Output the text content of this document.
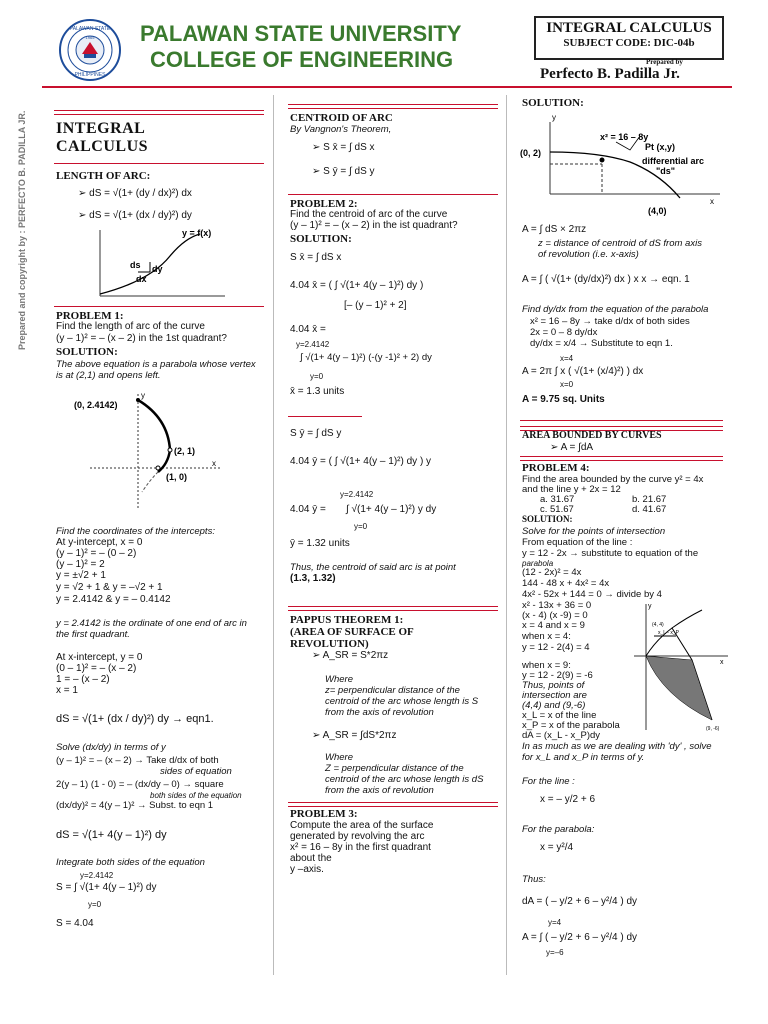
PALAWAN STATE
PHILIPPINES
1965 PALAWAN STATE UNIVERSITY
COLLEGE OF ENGINEERING
INTEGRAL CALCULUS
SUBJECT CODE: DIC-04b
Prepared by
Perfecto B. Padilla Jr.
Prepared and copyright by : PERFECTO B. PADILLA JR. INTEGRAL
CALCULUS
LENGTH OF ARC:
➢ dS = √(1+ (dy / dx)²) dx
➢ dS = √(1+ (dx / dy)²) dy
y = f(x)
ds dy
dx
PROBLEM 1:
Find the length of arc of the curve
(y – 1)² = – (x – 2) in the 1st quadrant?
SOLUTION:
The above equation is a parabola whose vertex
is at (2,1) and opens left.
(0, 2.4142)
(2, 1)
(1, 0)
x
y
Find the coordinates of the intercepts:
At y-intercept, x = 0
(y – 1)² = – (0 – 2)
(y – 1)² = 2
y = ±√2 + 1
y = √2 + 1 & y = –√2 + 1
y = 2.4142 & y = – 0.4142
y = 2.4142 is the ordinate of one end of arc in
the first quadrant.
At x-intercept, y = 0
(0 – 1)² = – (x – 2)
1 = – (x – 2)
x = 1
dS = √(1+ (dx / dy)²) dy → eqn1.
Solve (dx/dy) in terms of y
(y – 1)² = – (x – 2) → Take d/dx of both
sides of equation
2(y – 1) (1 - 0) = – (dx/dy – 0) → square
both sides of the equation
(dx/dy)² = 4(y – 1)² → Subst. to eqn 1
dS = √(1+ 4(y – 1)²) dy
Integrate both sides of the equation
y=2.4142
S = ∫ √(1+ 4(y – 1)²) dy
y=0
S = 4.04
CENTROID OF ARC
By Vangnon's Theorem,
➢ S x̄ = ∫ dS x
➢ S ȳ = ∫ dS y
PROBLEM 2:
Find the centroid of arc of the curve
(y – 1)² = – (x – 2) in the ist quadrant?
SOLUTION:
S x̄ = ∫ dS x
4.04 x̄ = ( ∫ √(1+ 4(y – 1)²) dy )
[– (y – 1)² + 2]
4.04 x̄ =
y=2.4142
∫ √(1+ 4(y – 1)²) (-(y -1)² + 2) dy
y=0
x̄ = 1.3 units
S ȳ = ∫ dS y
4.04 ȳ = ( ∫ √(1+ 4(y – 1)²) dy ) y
4.04 ȳ =
y=2.4142
∫ √(1+ 4(y – 1)²) y dy
y=0
ȳ = 1.32 units
Thus, the centroid of said arc is at point
(1.3, 1.32)
PAPPUS THEOREM 1:
(AREA OF SURFACE OF
REVOLUTION)
➢ A_SR = S*2πz
Where
z= perpendicular distance of the
centroid of the arc whose length is S
from the axis of revolution
➢ A_SR = ∫dS*2πz
Where
Z = perpendicular distance of the
centroid of the arc whose length is dS
from the axis of revolution
PROBLEM 3:
Compute the area of the surface
generated by revolving the arc
x² = 16 – 8y in the first quadrant
about the
y –axis.
SOLUTION:
x² = 16 – 8y
Pt (x,y)
differential arc
"ds"
(0, 2)
(4,0)
x
y
A = ∫ dS × 2πz
z = distance of centroid of dS from axis
of revolution (i.e. x-axis)
A = ∫ ( √(1+ (dy/dx)²) dx ) x x → eqn. 1
Find dy/dx from the equation of the parabola
x² = 16 – 8y → take d/dx of both sides
2x = 0 – 8 dy/dx
dy/dx = x/4 → Substitute to eqn 1.
x=4
A = 2π ∫ x ( √(1+ (x/4)²) ) dx
x=0
A = 9.75 sq. Units
AREA BOUNDED BY CURVES
➢ A = ∫dA
PROBLEM 4:
Find the area bounded by the curve y² = 4x
and the line y + 2x = 12
a. 31.67	b. 21.67
c. 51.67	d. 41.67
SOLUTION:
Solve for the points of intersection
From equation of the line :
y = 12 - 2x → substitute to equation of the
parabola
(12 - 2x)² = 4x
144 - 48 x + 4x² = 4x
4x² - 52x + 144 = 0 → divide by 4
x² - 13x + 36 = 0
(x - 4) (x -9) = 0
x = 4 and x = 9
when x = 4:
y = 12 - 2(4) = 4
when x = 9:
y = 12 - 2(9) = -6
Thus, points of
intersection are
(4,4) and (9,-6)
x_L = x of the line
x_P = x of the parabola
dA = (x_L - x_P)dy
In as much as we are dealing with 'dy' , solve
for x_L and x_P in terms of y.
(4, 4)
(9, -6)
x_L - x_P
x
y
For the line :
x = – y/2 + 6
For the parabola:
x = y²/4
Thus:
dA = ( – y/2 + 6 – y²/4 ) dy
y=4
A = ∫ ( – y/2 + 6 – y²/4 ) dy
y=–6
